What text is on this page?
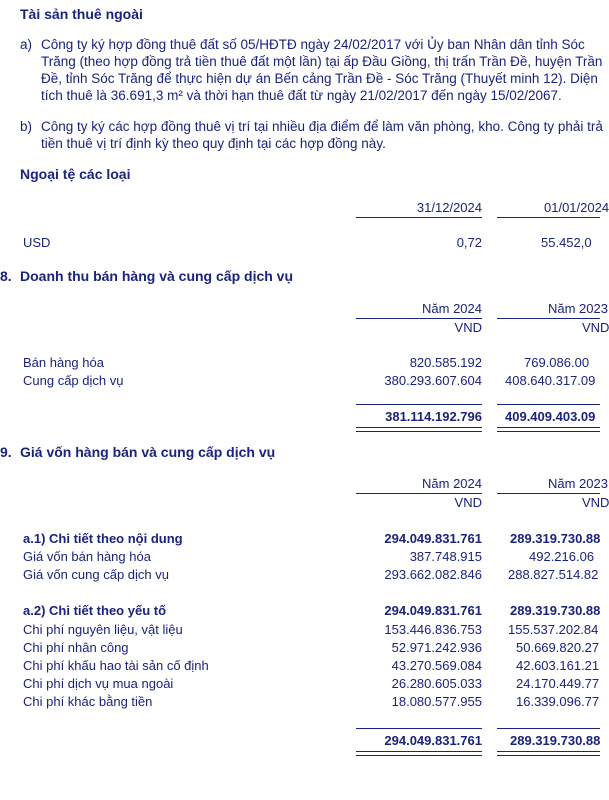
Tài sản thuê ngoài
a) Công ty ký hợp đồng thuê đất số 05/HĐTĐ ngày 24/02/2017 với Ủy ban Nhân dân tỉnh Sóc
Trăng (theo hợp đồng trả tiền thuê đất một lần) tại ấp Đầu Giồng, thị trấn Trần Đề, huyện Trần
Đề, tỉnh Sóc Trăng để thực hiện dự án Bến cảng Trần Đề - Sóc Trăng (Thuyết minh 12). Diện
tích thuê là 36.691,3 m² và thời hạn thuê đất từ ngày 21/02/2017 đến ngày 15/02/2067.
b) Công ty ký các hợp đồng thuê vị trí tại nhiều địa điểm để làm văn phòng, kho. Công ty phải trả
tiền thuê vị trí định kỳ theo quy định tại các hợp đồng này.
Ngoại tệ các loại
31/12/2024	01/01/2024
USD	0,72	55.452,0
8. Doanh thu bán hàng và cung cấp dịch vụ
Năm 2024	Năm 2023
VND	VND
Bán hàng hóa	820.585.192	769.086.00
Cung cấp dịch vụ	380.293.607.604 408.640.317.09
381.114.192.796 409.409.403.09
9. Giá vốn hàng bán và cung cấp dịch vụ
Năm 2024	Năm 2023
VND	VND
a.1) Chi tiết theo nội dung	294.049.831.761 289.319.730.88
Giá vốn bán hàng hóa	387.748.915	492.216.06
Giá vốn cung cấp dịch vụ	293.662.082.846 288.827.514.82
a.2) Chi tiết theo yếu tố	294.049.831.761 289.319.730.88
Chi phí nguyên liệu, vật liệu	153.446.836.753 155.537.202.84
Chi phí nhân công	52.971.242.936	50.669.820.27
Chi phí khấu hao tài sản cố định	43.270.569.084	42.603.161.21
Chi phí dịch vụ mua ngoài	26.280.605.033	24.170.449.77
Chi phí khác bằng tiền	18.080.577.955	16.339.096.77
294.049.831.761 289.319.730.88
